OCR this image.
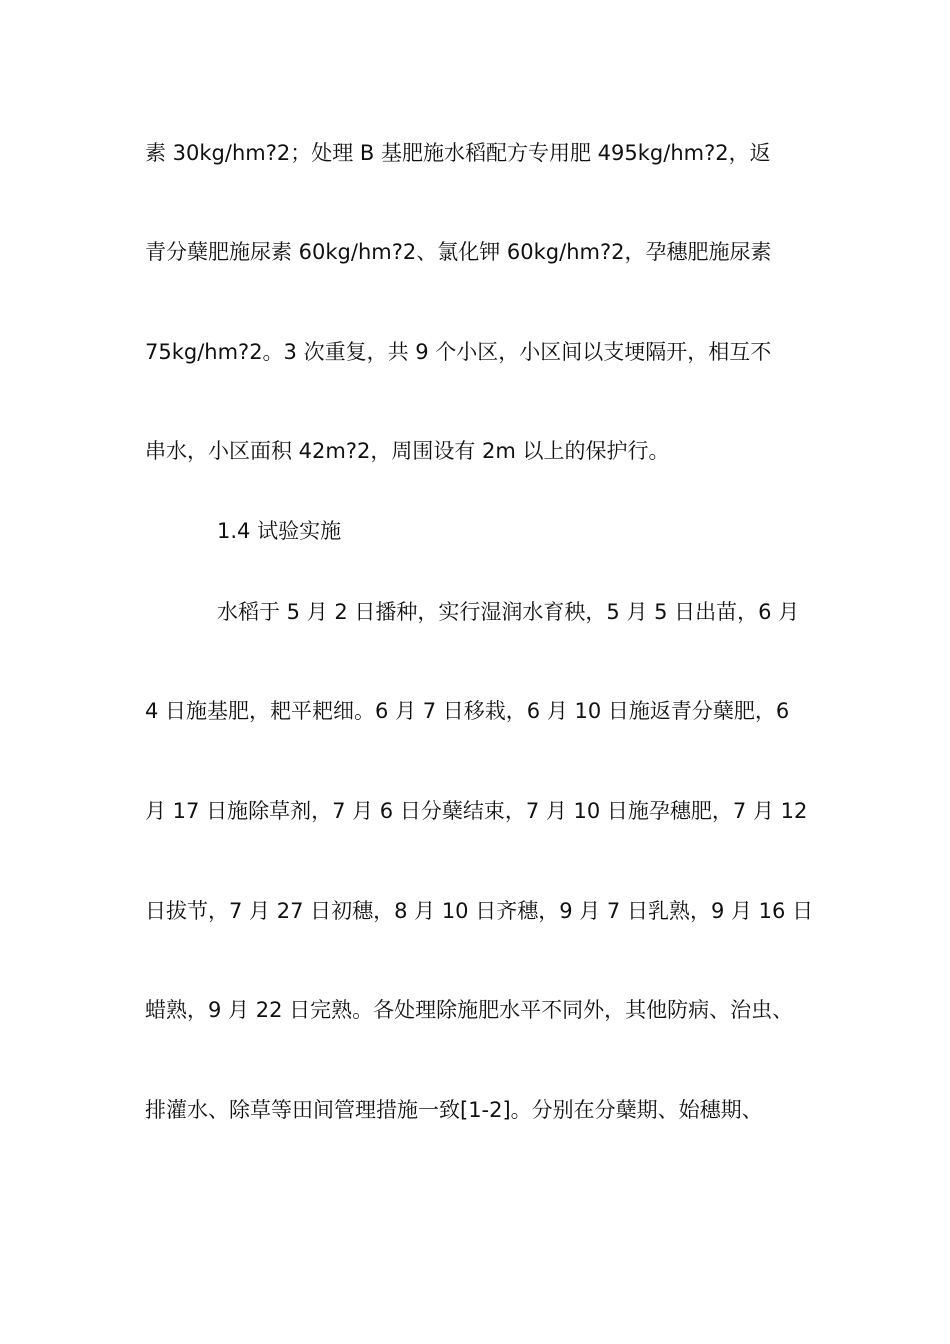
素 30kg/hm?2；处理 B 基肥施水稻配方专用肥 495kg/hm?2，返
青分蘖肥施尿素 60kg/hm?2、氯化钾 60kg/hm?2，孕穗肥施尿素
75kg/hm?2。3 次重复，共 9 个小区，小区间以支埂隔开，相互不
串水，小区面积 42m?2，周围设有 2m 以上的保护行。
1.4 试验实施
水稻于 5 月 2 日播种，实行湿润水育秧，5 月 5 日出苗，6 月
4 日施基肥，耙平耙细。6 月 7 日移栽，6 月 10 日施返青分蘖肥，6
月 17 日施除草剂，7 月 6 日分蘖结束，7 月 10 日施孕穗肥，7 月 12
日拔节，7 月 27 日初穗，8 月 10 日齐穗，9 月 7 日乳熟，9 月 16 日
蜡熟，9 月 22 日完熟。各处理除施肥水平不同外，其他防病、治虫、
排灌水、除草等田间管理措施一致[1-2]。分别在分蘖期、始穗期、
